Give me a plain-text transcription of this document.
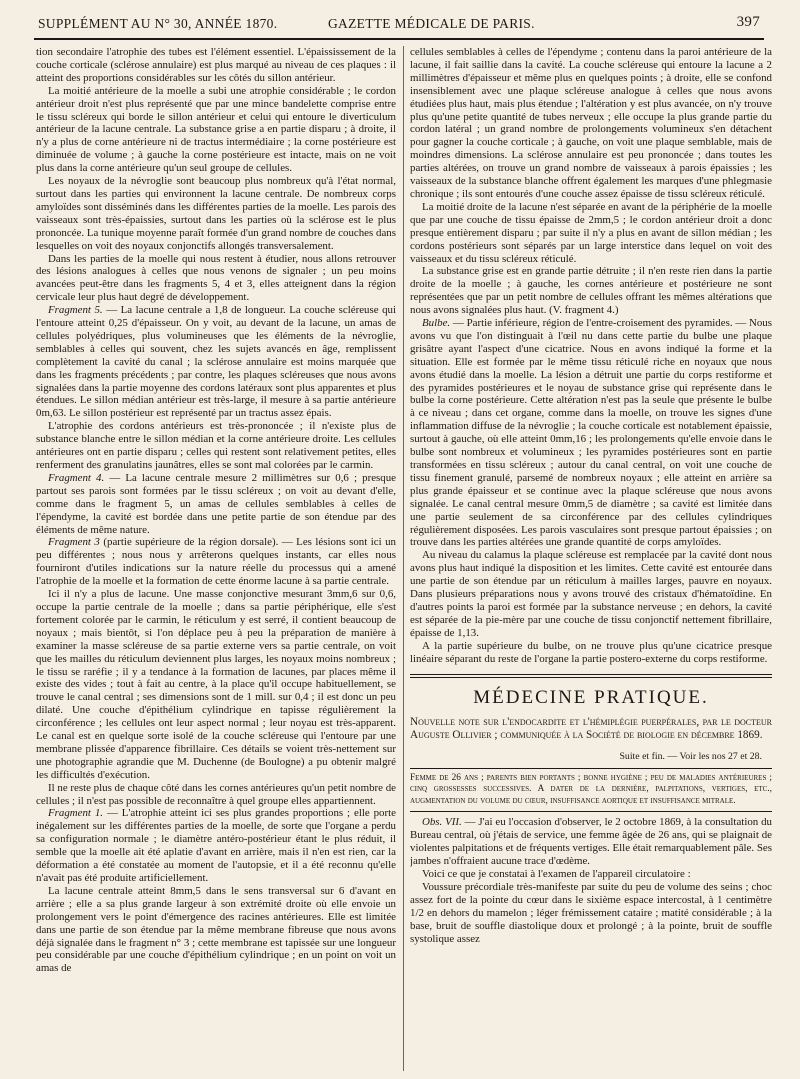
SUPPLÉMENT AU N° 30, ANNÉE 1870.	GAZETTE MÉDICALE DE PARIS.	397

tion secondaire l'atrophie des tubes est l'élément essentiel. L'épaississement de la couche corticale (sclérose annulaire) est plus marqué au niveau de ces plaques : il atteint des proportions considérables sur les côtés du sillon antérieur.

La moitié antérieure de la moelle a subi une atrophie considérable ; le cordon antérieur droit n'est plus représenté que par une mince bandelette comprise entre le tissu scléreux qui borde le sillon antérieur et celui qui entoure le diverticulum antérieur de la lacune centrale. La substance grise a en partie disparu ; à droite, il n'y a plus de corne antérieure ni de tractus intermédiaire ; la corne postérieure est diminuée de volume ; à gauche la corne postérieure est intacte, mais on ne voit plus dans la corne antérieure qu'un seul groupe de cellules.

Les noyaux de la névroglie sont beaucoup plus nombreux qu'à l'état normal, surtout dans les parties qui environnent la lacune centrale. De nombreux corps amyloïdes sont disséminés dans les différentes parties de la moelle. Les parois des vaisseaux sont très-épaissies, surtout dans les parties où la sclérose est le plus prononcée. La tunique moyenne paraît formée d'un grand nombre de couches dans lesquelles on voit des noyaux conjonctifs allongés transversalement.

Dans les parties de la moelle qui nous restent à étudier, nous allons retrouver des lésions analogues à celles que nous venons de signaler ; un peu moins avancées peut-être dans les fragments 5, 4 et 3, elles atteignent dans la région cervicale leur plus haut degré de développement.

Fragment 5. — La lacune centrale a 1,8 de longueur. La couche scléreuse qui l'entoure atteint 0,25 d'épaisseur. On y voit, au devant de la lacune, un amas de cellules polyédriques, plus volumineuses que les éléments de la névroglie, semblables à celles qui souvent, chez les sujets avancés en âge, remplissent complètement la cavité du canal ; la sclérose annulaire est moins marquée que dans les fragments précédents ; par contre, les plaques scléreuses que nous avons signalées dans la partie moyenne des cordons latéraux sont plus apparentes et plus étendues. Le sillon médian antérieur est très-large, il mesure à sa partie antérieure 0m,63. Le sillon postérieur est représenté par un tractus assez épais.

L'atrophie des cordons antérieurs est très-prononcée ; il n'existe plus de substance blanche entre le sillon médian et la corne antérieure droite. Les cellules antérieures ont en partie disparu ; celles qui restent sont relativement petites, elles renferment des granulatins jaunâtres, elles se sont mal colorées par le carmin.

Fragment 4. — La lacune centrale mesure 2 millimètres sur 0,6 ; presque partout ses parois sont formées par le tissu scléreux ; on voit au devant d'elle, comme dans le fragment 5, un amas de cellules semblables à celles de l'épendyme, la cavité est bordée dans une petite partie de son étendue par des éléments de même nature.

Fragment 3 (partie supérieure de la région dorsale). — Les lésions sont ici un peu différentes ; nous nous y arrêterons quelques instants, car elles nous fourniront d'utiles indications sur la nature réelle du processus qui a amené l'atrophie de la moelle et la formation de cette énorme lacune à sa partie centrale.

Ici il n'y a plus de lacune. Une masse conjonctive mesurant 3mm,6 sur 0,6, occupe la partie centrale de la moelle ; dans sa partie périphérique, elle s'est fortement colorée par le carmin, le réticulum y est serré, il contient beaucoup de noyaux ; mais bientôt, si l'on déplace peu à peu la préparation de manière à examiner la masse scléreuse de sa partie externe vers sa partie centrale, on voit que les mailles du réticulum deviennent plus larges, les noyaux moins nombreux ; le tissu se raréfie ; il y a tendance à la formation de lacunes, par places même il existe des vides ; tout à fait au centre, à la place qu'il occupe habituellement, se trouve le canal central ; ses dimensions sont de 1 mill. sur 0,4 ; il est donc un peu dilaté. Une couche d'épithélium cylindrique en tapisse régulièrement la circonférence ; les cellules ont leur aspect normal ; leur noyau est très-apparent. Le canal est en quelque sorte isolé de la couche scléreuse qui l'entoure par une membrane plissée d'apparence fibrillaire. Ces détails se voient très-nettement sur une photographie agrandie que M. Duchenne (de Boulogne) a pu obtenir malgré les difficultés d'exécution.

Il ne reste plus de chaque côté dans les cornes antérieures qu'un petit nombre de cellules ; il n'est pas possible de reconnaître à quel groupe elles appartiennent.

Fragment 1. — L'atrophie atteint ici ses plus grandes proportions ; elle porte inégalement sur les différentes parties de la moelle, de sorte que l'organe a perdu sa configuration normale ; le diamètre antéro-postérieur étant le plus réduit, il semble que la moelle ait été aplatie d'avant en arrière, mais il n'en est rien, car la déformation a été constatée au moment de l'autopsie, et il a été reconnu qu'elle n'avait pas été produite artificiellement.

La lacune centrale atteint 8mm,5 dans le sens transversal sur 6 d'avant en arrière ; elle a sa plus grande largeur à son extrémité droite où elle envoie un prolongement vers le point d'émergence des racines antérieures. Elle est limitée dans une partie de son étendue par la même membrane fibreuse que nous avons déjà signalée dans le fragment n° 3 ; cette membrane est tapissée sur une longueur peu considérable par une couche d'épithélium cylindrique ; en un point on voit un amas de

cellules semblables à celles de l'épendyme ; contenu dans la paroi antérieure de la lacune, il fait saillie dans la cavité. La couche scléreuse qui entoure la lacune a 2 millimètres d'épaisseur et même plus en quelques points ; à droite, elle se confond insensiblement avec une plaque scléreuse analogue à celles que nous avons étudiées plus haut, mais plus étendue ; l'altération y est plus avancée, on n'y trouve plus qu'une petite quantité de tubes nerveux ; elle occupe la plus grande partie du cordon latéral ; un grand nombre de prolongements volumineux s'en détachent pour gagner la couche corticale ; à gauche, on voit une plaque semblable, mais de moindres dimensions. La sclérose annulaire est peu prononcée ; dans toutes les parties altérées, on trouve un grand nombre de vaisseaux à parois épaissies ; les vaisseaux de la substance blanche offrent également les marques d'une phlegmasie chronique ; ils sont entourés d'une couche assez épaisse de tissu scléreux réticulé.

La moitié droite de la lacune n'est séparée en avant de la périphérie de la moelle que par une couche de tissu épaisse de 2mm,5 ; le cordon antérieur droit a donc presque entièrement disparu ; par suite il n'y a plus en avant de sillon médian ; les cordons postérieurs sont séparés par un large interstice dans lequel on voit des vaisseaux et du tissu scléreux réticulé.

La substance grise est en grande partie détruite ; il n'en reste rien dans la partie droite de la moelle ; à gauche, les cornes antérieure et postérieure ne sont représentées que par un petit nombre de cellules offrant les mêmes altérations que nous avons signalées plus haut. (V. fragment 4.)

Bulbe. — Partie inférieure, région de l'entre-croisement des pyramides. — Nous avons vu que l'on distinguait à l'œil nu dans cette partie du bulbe une plaque grisâtre ayant l'aspect d'une cicatrice. Nous en avons indiqué la forme et la situation. Elle est formée par le même tissu réticulé riche en noyaux que nous avons étudié dans la moelle. La lésion a détruit une partie du corps restiforme et des pyramides postérieures et le noyau de substance grise qui représente dans le bulbe la corne postérieure. Cette altération n'est pas la seule que présente le bulbe à ce niveau ; dans cet organe, comme dans la moelle, on trouve les signes d'une inflammation diffuse de la névroglie ; la couche corticale est notablement épaissie, surtout à gauche, où elle atteint 0mm,16 ; les prolongements qu'elle envoie dans le bulbe sont nombreux et volumineux ; les pyramides postérieures sont en partie transformées en tissu scléreux ; autour du canal central, on voit une couche de tissu finement granulé, parsemé de nombreux noyaux ; elle atteint en arrière sa plus grande épaisseur et se continue avec la plaque scléreuse que nous avons signalée. Le canal central mesure 0mm,5 de diamètre ; sa cavité est limitée dans une partie seulement de sa circonférence par des cellules cylindriques régulièrement disposées. Les parois vasculaires sont presque partout épaissies ; on trouve dans les parties altérées une grande quantité de corps amyloïdes.

Au niveau du calamus la plaque scléreuse est remplacée par la cavité dont nous avons plus haut indiqué la disposition et les limites. Cette cavité est entourée dans une partie de son étendue par un réticulum à mailles larges, pauvre en noyaux. Dans plusieurs préparations nous y avons trouvé des cristaux d'hématoïdine. En d'autres points la paroi est formée par la substance nerveuse ; en dehors, la cavité est séparée de la pie-mère par une couche de tissu conjonctif nettement fibrillaire, épaisse de 1,13.

A la partie supérieure du bulbe, on ne trouve plus qu'une cicatrice presque linéaire séparant du reste de l'organe la partie postero-externe du corps restiforme.

MÉDECINE PRATIQUE.

Nouvelle note sur l'endocardite et l'hémiplégie puerpérales, par le docteur Auguste Ollivier ; communiquée à la Société de biologie en décembre 1869.

Suite et fin. — Voir les nos 27 et 28.

Femme de 26 ans ; parents bien portants ; bonne hygiène ; peu de maladies antérieures ; cinq grossesses successives. A dater de la dernière, palpitations, vertiges, etc., augmentation du volume du cœur, insuffisance aortique et insuffisance mitrale.

Obs. VII. — J'ai eu l'occasion d'observer, le 2 octobre 1869, à la consultation du Bureau central, où j'étais de service, une femme âgée de 26 ans, qui se plaignait de violentes palpitations et de fréquents vertiges. Elle était remarquablement pâle. Ses jambes n'offraient aucune trace d'œdème.

Voici ce que je constatai à l'examen de l'appareil circulatoire :

Voussure précordiale très-manifeste par suite du peu de volume des seins ; choc assez fort de la pointe du cœur dans le sixième espace intercostal, à 1 centimètre 1/2 en dehors du mamelon ; léger frémissement cataire ; matité considérable ; à la base, bruit de souffle diastolique doux et prolongé ; à la pointe, bruit de souffle systolique assez
